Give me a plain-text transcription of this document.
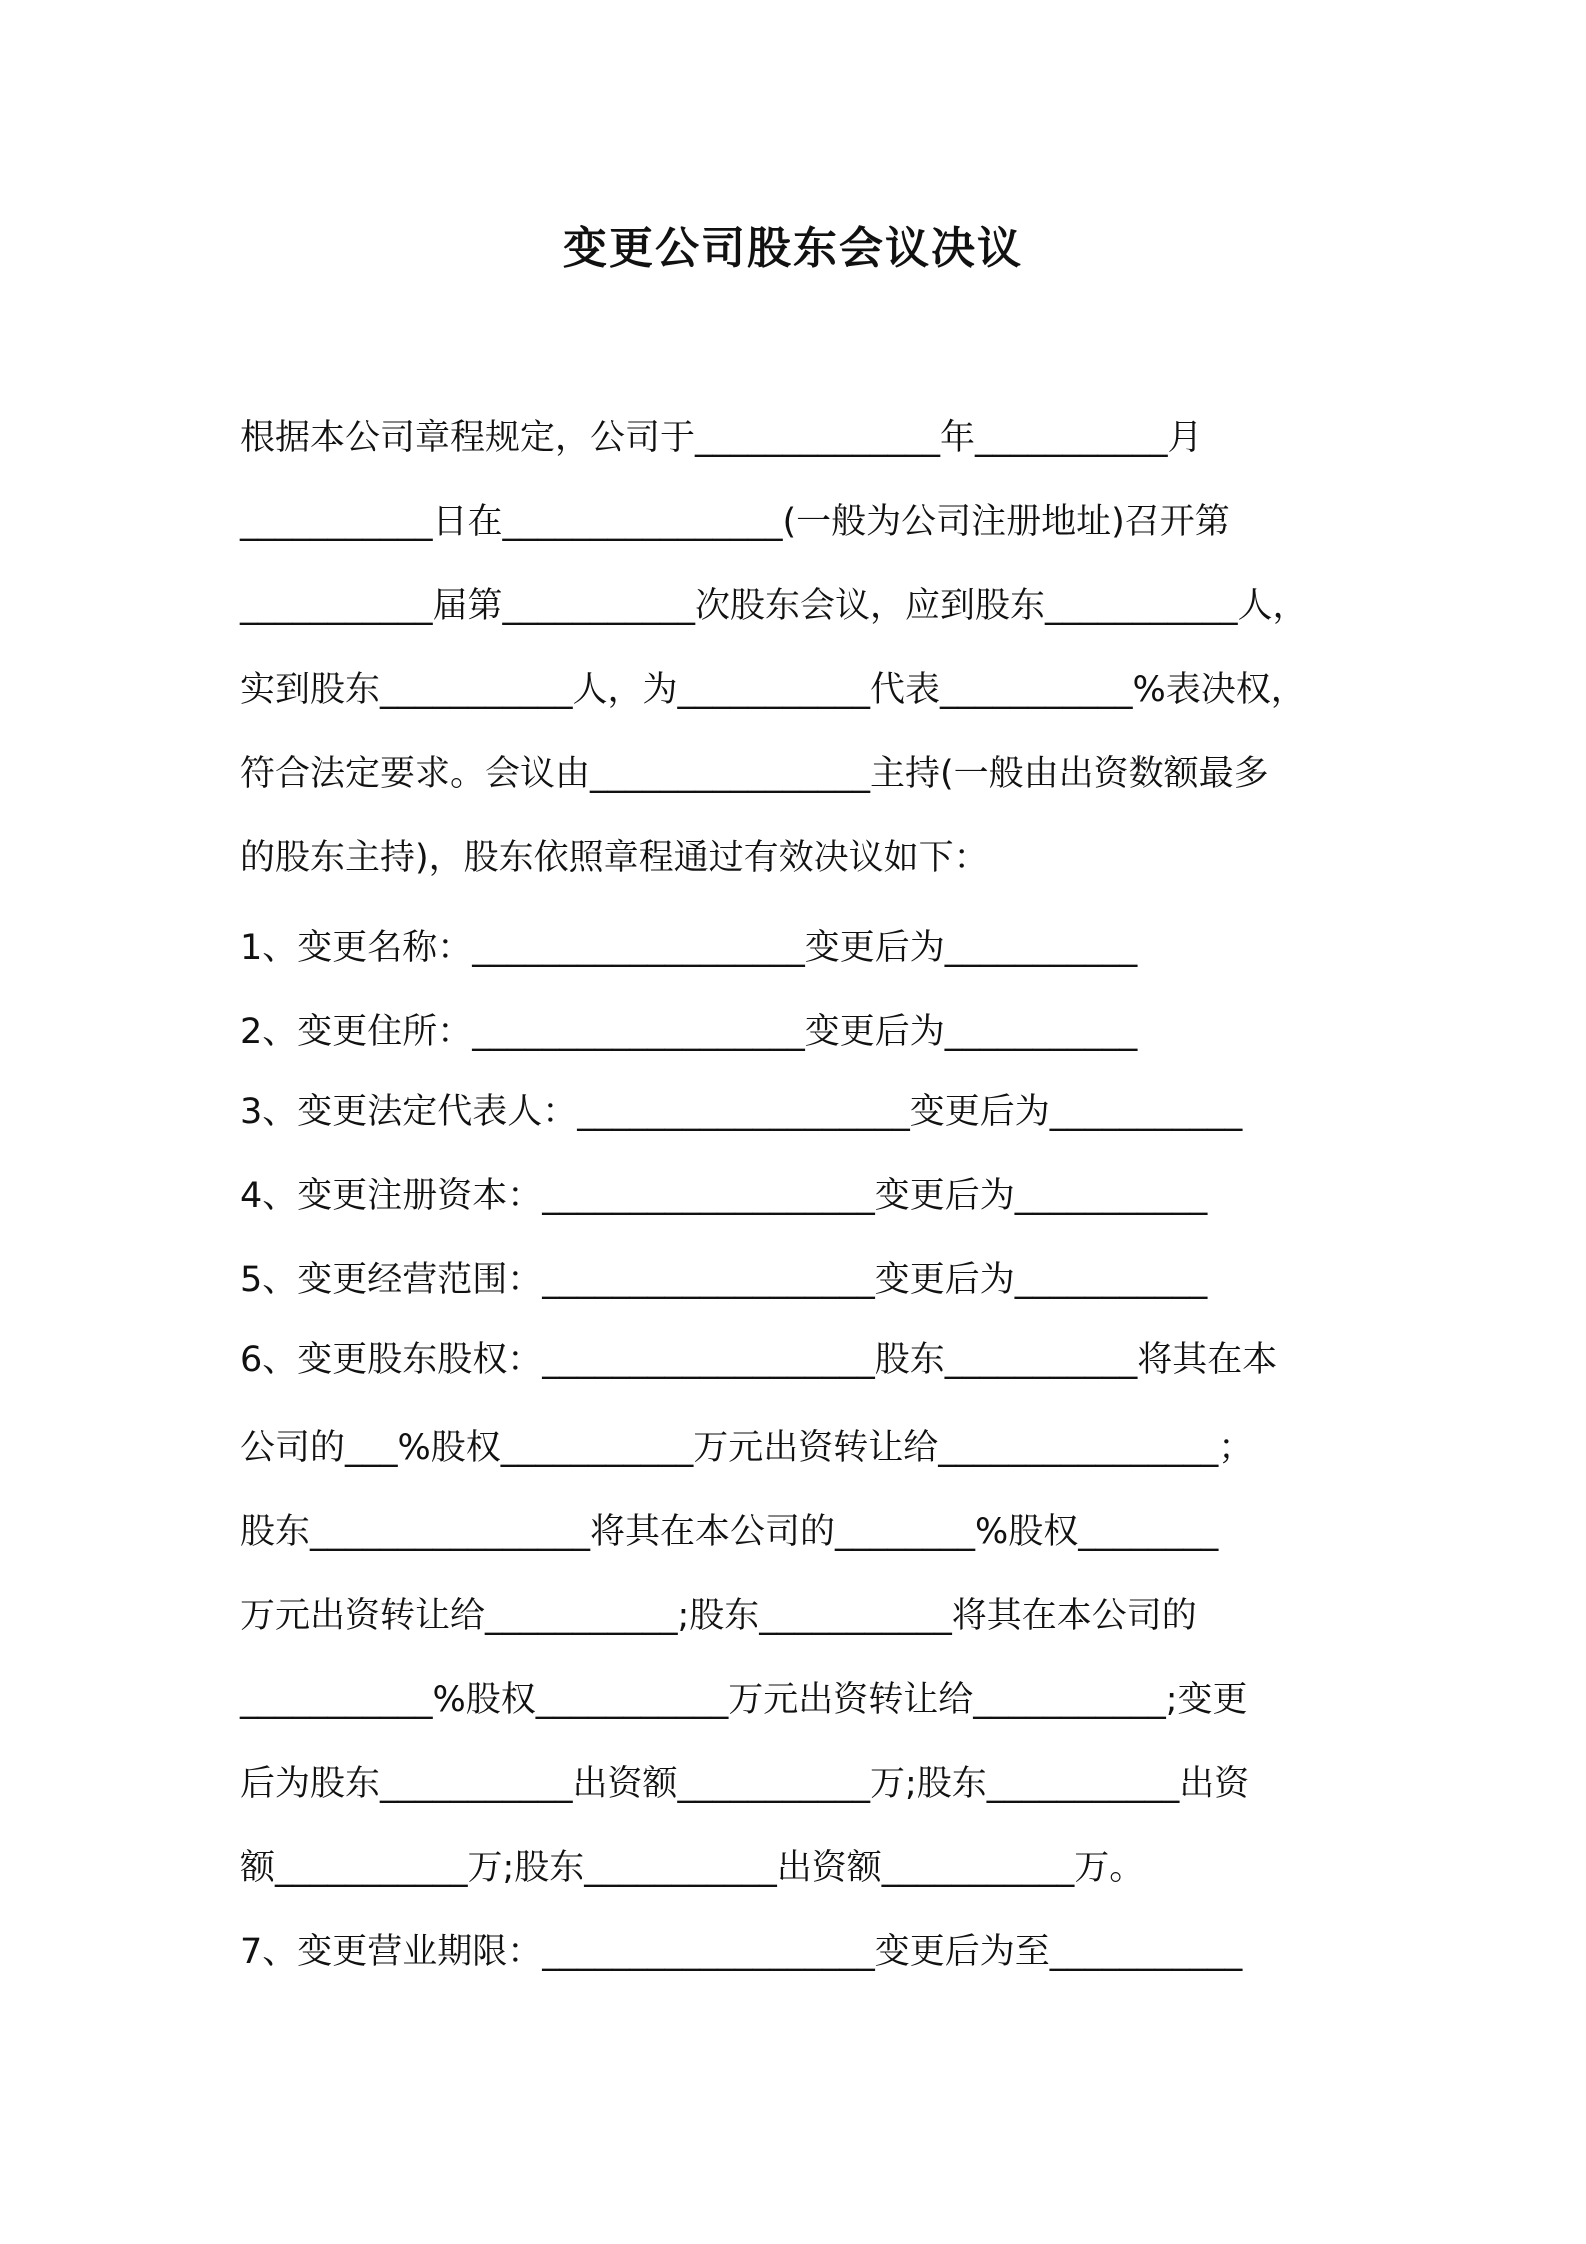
变更公司股东会议决议
根据本公司章程规定，公司于______________年___________月
___________日在________________(一般为公司注册地址)召开第
___________届第___________次股东会议，应到股东___________人，
实到股东___________人，为___________代表___________%表决权，
符合法定要求。会议由________________主持(一般由出资数额最多
的股东主持)，股东依照章程通过有效决议如下：
1、变更名称：___________________变更后为___________
2、变更住所：___________________变更后为___________
3、变更法定代表人：___________________变更后为___________
4、变更注册资本：___________________变更后为___________
5、变更经营范围：___________________变更后为___________
6、变更股东股权：___________________股东___________将其在本
公司的___%股权___________万元出资转让给________________；
股东________________将其在本公司的________%股权________
万元出资转让给___________;股东___________将其在本公司的
___________%股权___________万元出资转让给___________;变更
后为股东___________出资额___________万;股东___________出资
额___________万;股东___________出资额___________万。
7、变更营业期限：___________________变更后为至___________
